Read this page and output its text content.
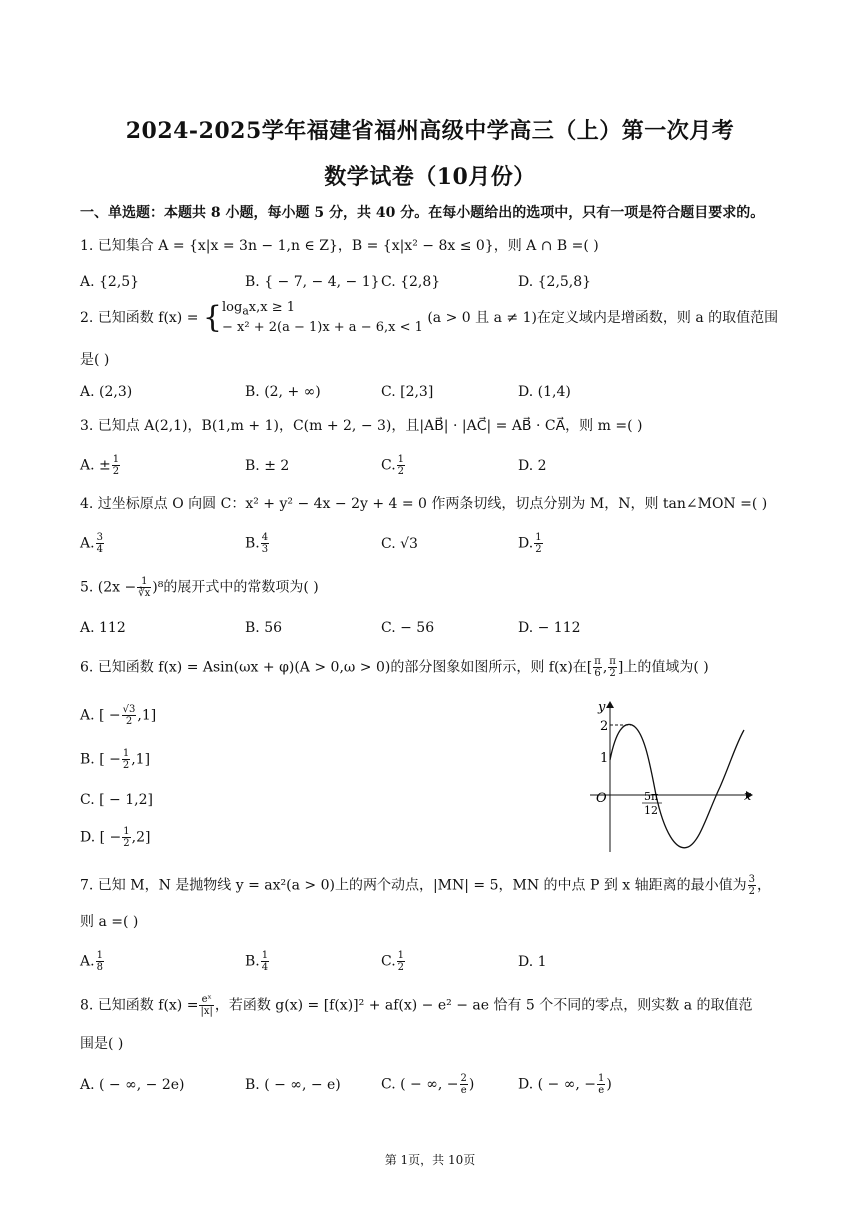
2024-2025学年福建省福州高级中学高三（上）第一次月考
数学试卷（10月份）
一、单选题：本题共 8 小题，每小题 5 分，共 40 分。在每小题给出的选项中，只有一项是符合题目要求的。
1. 已知集合 A = {x|x = 3n − 1,n ∈ Z}，B = {x|x² − 8x ≤ 0}，则 A ∩ B =( )
A. {2,5}	B. { − 7, − 4, − 1} C. {2,8}	D. {2,5,8}
2. 已知函数 f(x) = { $\log_ax,x \ge 1$
− x² + 2(a − 1)x + a − 6,x < 1
(a > 0 且 a ≠ 1)在定义域内是增函数，则 a 的取值范围
是( )
A. (2,3)	B. (2, + ∞)	C. [2,3]	D. (1,4)
3. 已知点 A(2,1)，B(1,m + 1)，C(m + 2, − 3)，且|AB⃗| · |AC⃗| = AB⃗ · CA⃗，则 m =( )
A. ± $\frac{1}{2}$	B. ± 2	C. $\frac{1}{2}$	D. 2
4. 过坐标原点 O 向圆 C：x² + y² − 4x − 2y + 4 = 0 作两条切线，切点分别为 M，N，则 tan∠MON =( )
A. $\frac{3}{4}$	B. $\frac{4}{3}$	C. √3	D. $\frac{1}{2}$
5. $(2x - \frac{1}{∛x} )^8$的展开式中的常数项为( )
A. 112	B. 56	C. − 56	D. − 112
6. 已知函数 f(x) = Asin(ωx + φ)(A > 0,ω > 0)的部分图象如图所示，则 f(x)在[ $\frac{\pi}{6}$ , $\frac{\pi}{2}$ ]上的值域为( )
A. [ − $\frac{√3}{2} ,1$]
B. [ − $\frac{1}{2} ,1$]
C. [ − 1,2]
D. [ − $\frac{1}{2} ,2$]
y
x
O
2
1
5π
12
7. 已知 M，N 是抛物线 y = ax²(a > 0)上的两个动点，|MN| = 5，MN 的中点 P 到 x 轴距离的最小值为 $\frac{3}{2}$ ，
则 a =( )
A. $\frac{1}{8}$	B. $\frac{1}{4}$	C. $\frac{1}{2}$	D. 1
8. 已知函数 $f(x) = \frac{\text{eˣ}}{|x|}$ ，若函数 g(x) = [f(x)]² + af(x) − e² − ae 恰有 5 个不同的零点，则实数 a 的取值范
围是( )
A. ( − ∞, − 2e)	B. ( − ∞, − e)	C. ( − ∞, − $\frac{2}{e}$ )	D. ( − ∞, − $\frac{1}{e}$ )
第 1页，共 10页
